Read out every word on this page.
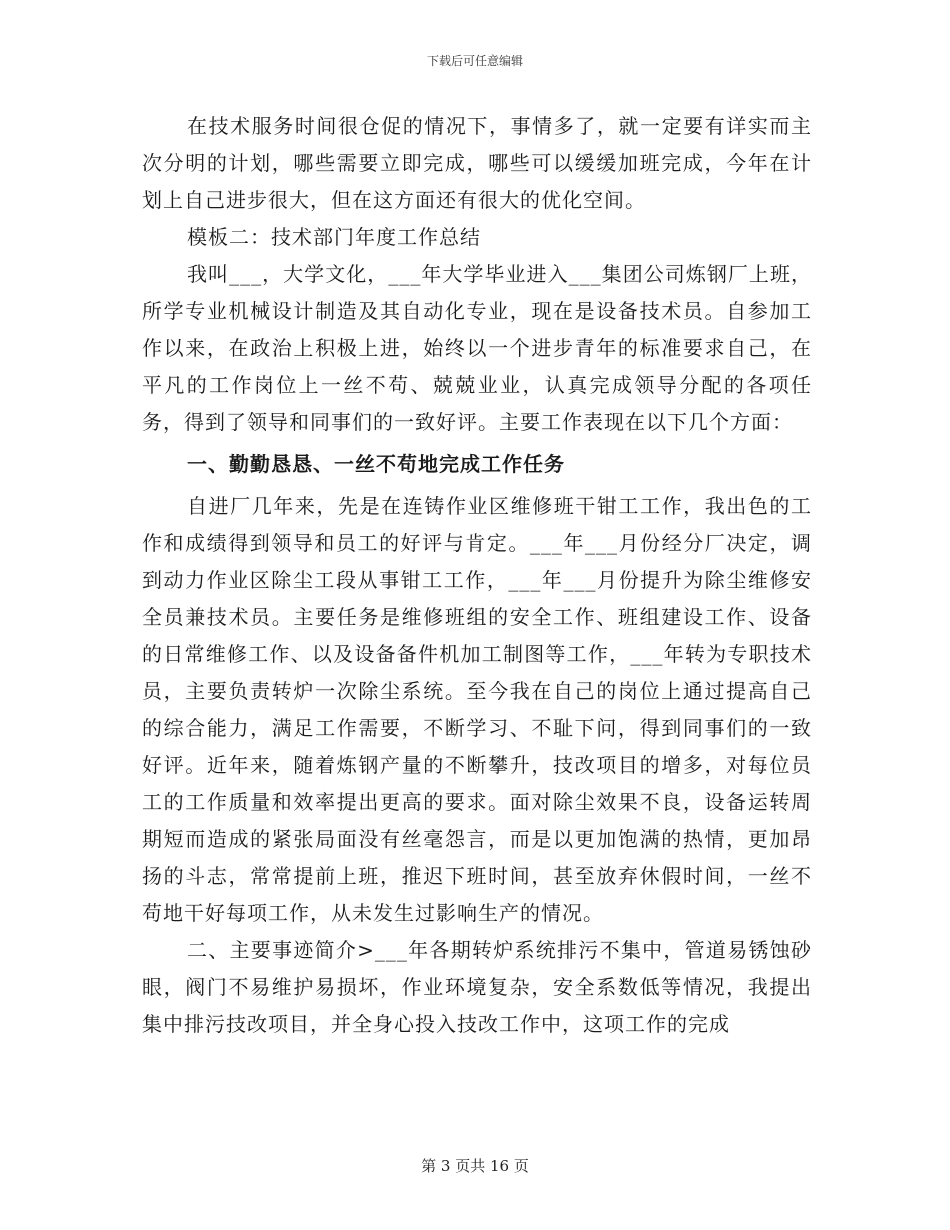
下载后可任意编辑

在技术服务时间很仓促的情况下，事情多了，就一定要有详实而主次分明的计划，哪些需要立即完成，哪些可以缓缓加班完成，今年在计划上自己进步很大，但在这方面还有很大的优化空间。

模板二：技术部门年度工作总结

我叫___，大学文化，___年大学毕业进入___集团公司炼钢厂上班，所学专业机械设计制造及其自动化专业，现在是设备技术员。自参加工作以来，在政治上积极上进，始终以一个进步青年的标准要求自己，在平凡的工作岗位上一丝不苟、兢兢业业，认真完成领导分配的各项任务，得到了领导和同事们的一致好评。主要工作表现在以下几个方面：

一、勤勤恳恳、一丝不苟地完成工作任务

自进厂几年来，先是在连铸作业区维修班干钳工工作，我出色的工作和成绩得到领导和员工的好评与肯定。___年___月份经分厂决定，调到动力作业区除尘工段从事钳工工作，___年___月份提升为除尘维修安全员兼技术员。主要任务是维修班组的安全工作、班组建设工作、设备的日常维修工作、以及设备备件机加工制图等工作，___年转为专职技术员，主要负责转炉一次除尘系统。至今我在自己的岗位上通过提高自己的综合能力，满足工作需要，不断学习、不耻下问，得到同事们的一致好评。近年来，随着炼钢产量的不断攀升，技改项目的增多，对每位员工的工作质量和效率提出更高的要求。面对除尘效果不良，设备运转周期短而造成的紧张局面没有丝毫怨言，而是以更加饱满的热情，更加昂扬的斗志，常常提前上班，推迟下班时间，甚至放弃休假时间，一丝不苟地干好每项工作，从未发生过影响生产的情况。

二、主要事迹简介>___年各期转炉系统排污不集中，管道易锈蚀砂眼，阀门不易维护易损坏，作业环境复杂，安全系数低等情况，我提出集中排污技改项目，并全身心投入技改工作中，这项工作的完成

第 3 页共 16 页
